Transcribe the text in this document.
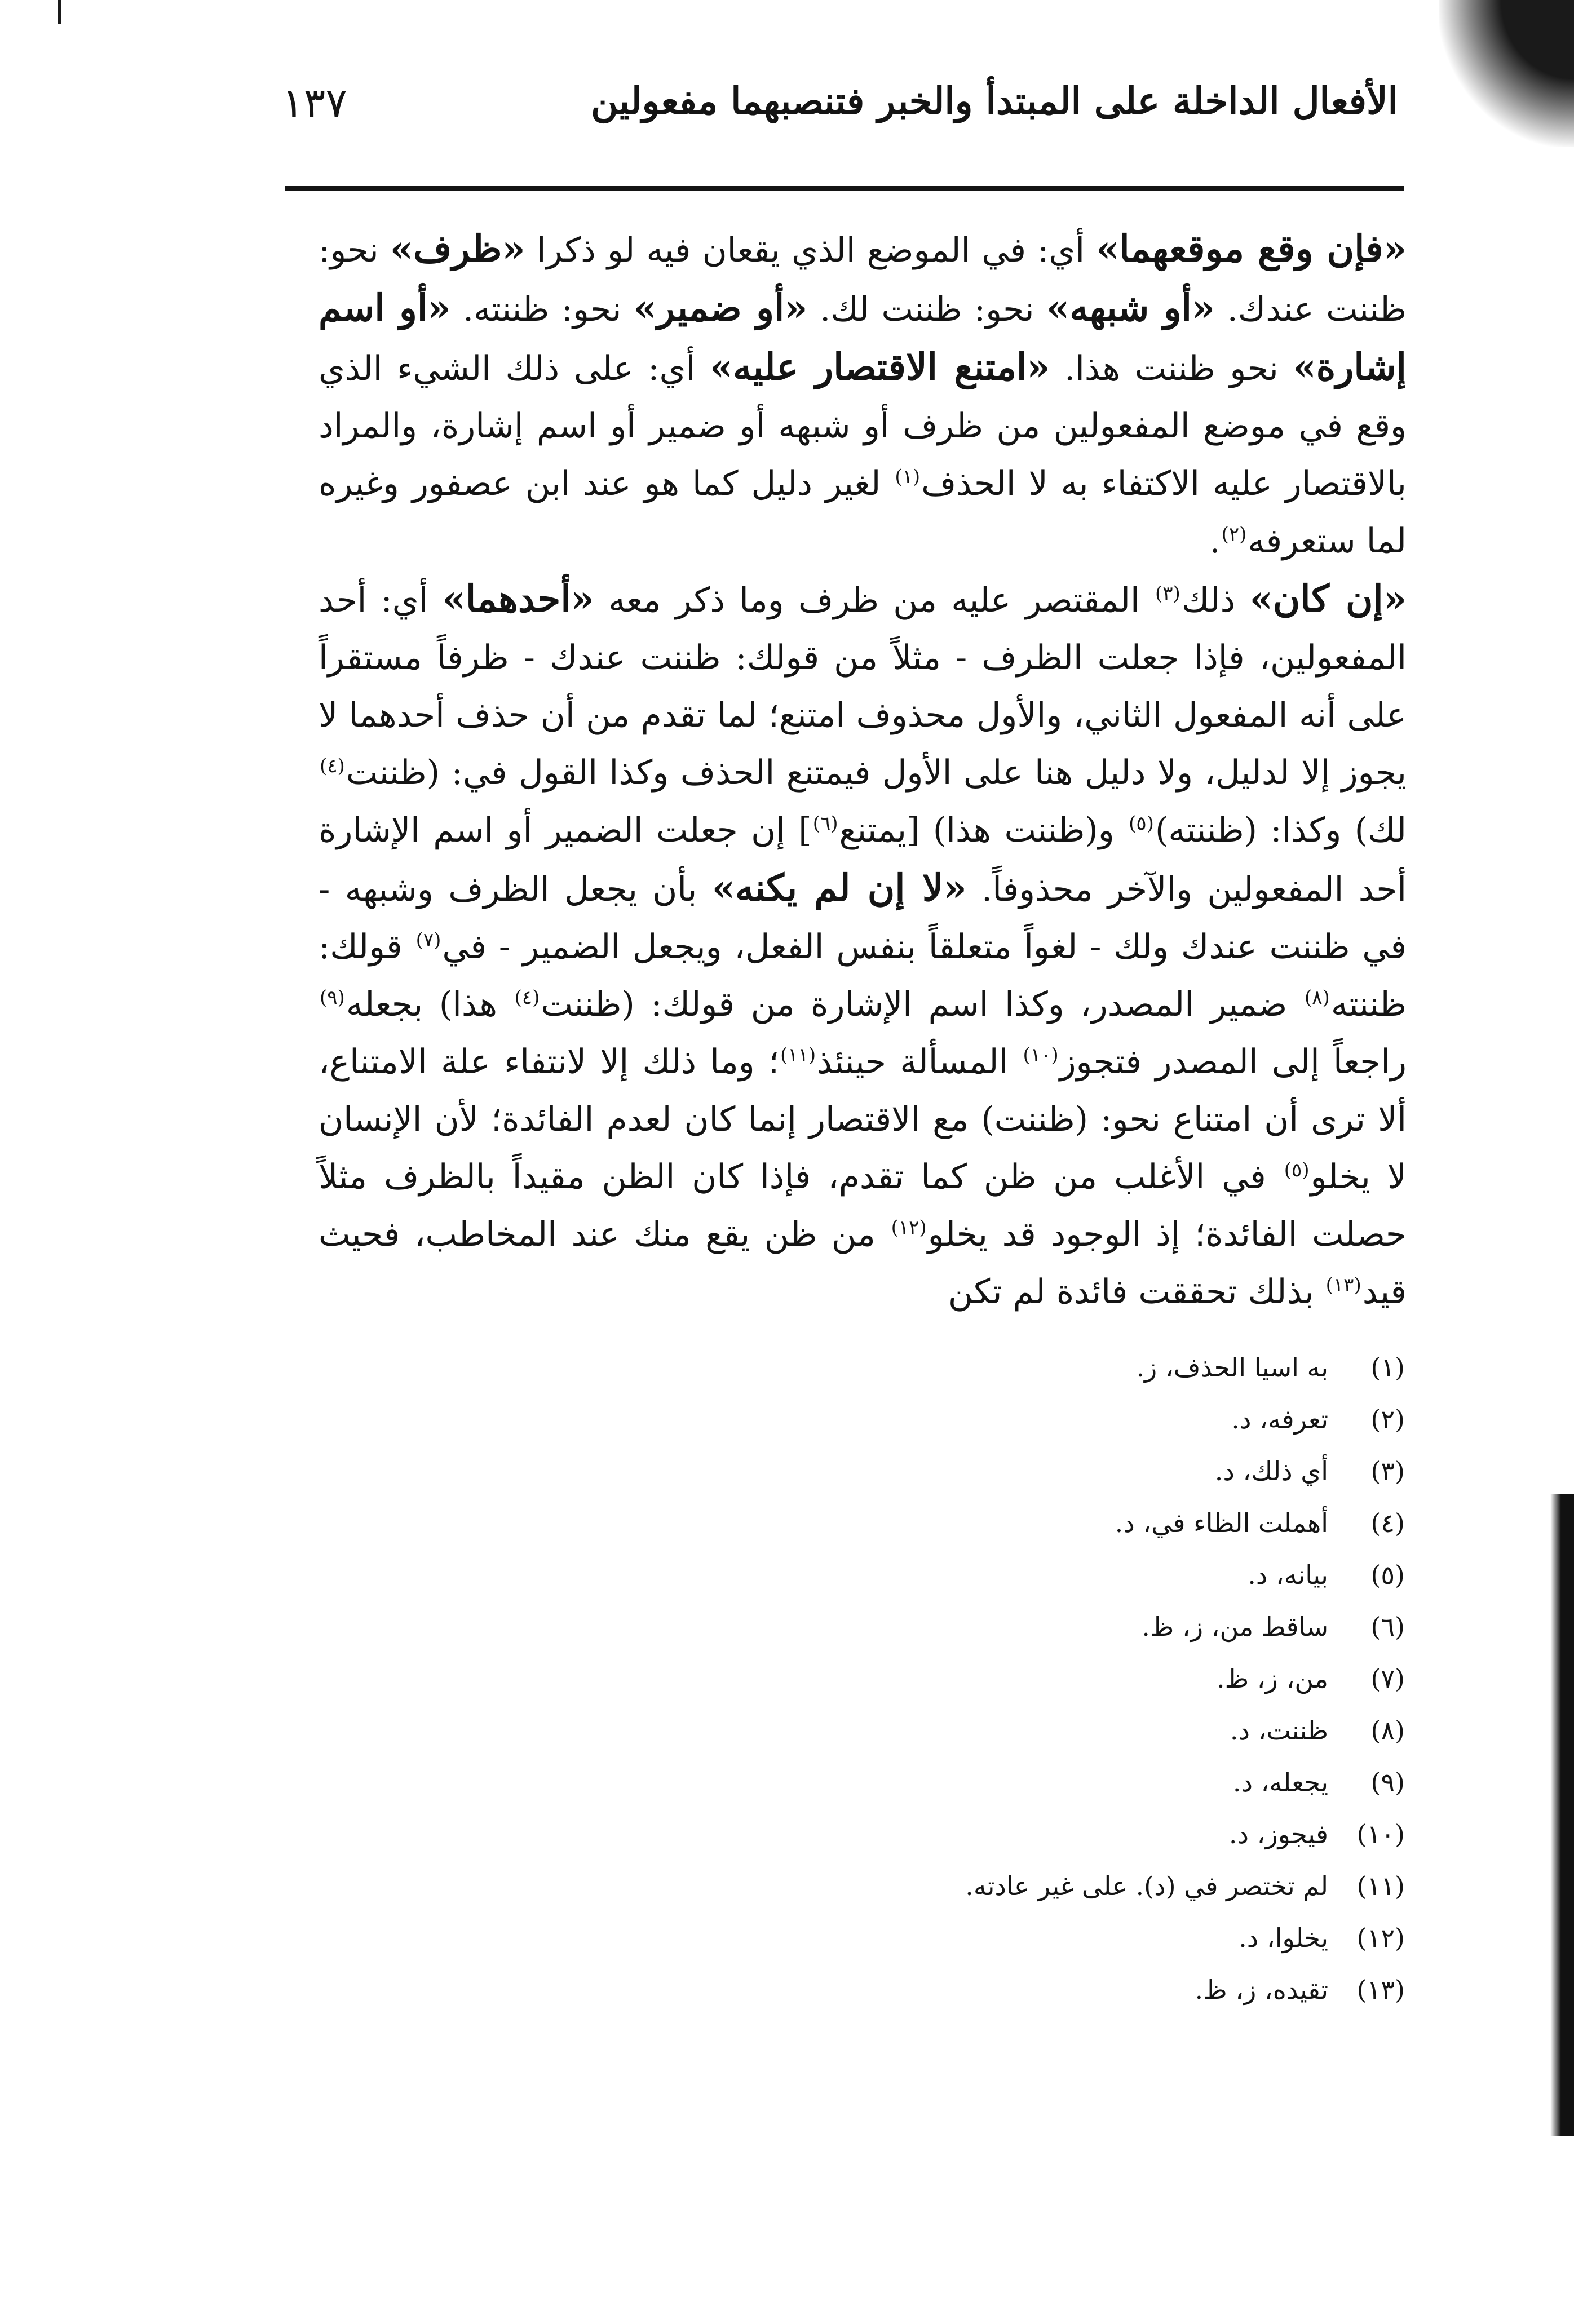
١٣٧	الأفعال الداخلة على المبتدأ والخبر فتنصبهما مفعولين

«فإن وقع موقعهما» أي: في الموضع الذي يقعان فيه لو ذكرا «ظرف» نحو: ظننت عندك. «أو شبهه» نحو: ظننت لك. «أو ضمير» نحو: ظننته. «أو اسم إشارة» نحو ظننت هذا. «امتنع الاقتصار عليه» أي: على ذلك الشيء الذي وقع في موضع المفعولين من ظرف أو شبهه أو ضمير أو اسم إشارة، والمراد بالاقتصار عليه الاكتفاء به لا الحذف$^{(١)}$ لغير دليل كما هو عند ابن عصفور وغيره لما ستعرفه$^{(٢)}$.

«إن كان» ذلك$^{(٣)}$ المقتصر عليه من ظرف وما ذكر معه «أحدهما» أي: أحد المفعولين، فإذا جعلت الظرف - مثلاً من قولك: ظننت عندك - ظرفاً مستقراً على أنه المفعول الثاني، والأول محذوف امتنع؛ لما تقدم من أن حذف أحدهما لا يجوز إلا لدليل، ولا دليل هنا على الأول فيمتنع الحذف وكذا القول في: (ظننت$^{(٤)}$ لك) وكذا: (ظننته)$^{(٥)}$ و(ظننت هذا) [يمتنع$^{(٦)}$] إن جعلت الضمير أو اسم الإشارة أحد المفعولين والآخر محذوفاً. «لا إن لم يكنه» بأن يجعل الظرف وشبهه - في ظننت عندك ولك - لغواً متعلقاً بنفس الفعل، ويجعل الضمير - في$^{(٧)}$ قولك: ظننته$^{(٨)}$ ضمير المصدر، وكذا اسم الإشارة من قولك: (ظننت$^{(٤)}$ هذا) بجعله$^{(٩)}$ راجعاً إلى المصدر فتجوز$^{(١٠)}$ المسألة حينئذ$^{(١١)}$؛ وما ذلك إلا لانتفاء علة الامتناع، ألا ترى أن امتناع نحو: (ظننت) مع الاقتصار إنما كان لعدم الفائدة؛ لأن الإنسان لا يخلو$^{(٥)}$ في الأغلب من ظن كما تقدم، فإذا كان الظن مقيداً بالظرف مثلاً حصلت الفائدة؛ إذ الوجود قد يخلو$^{(١٢)}$ من ظن يقع منك عند المخاطب، فحيث قيد$^{(١٣)}$ بذلك تحققت فائدة لم تكن

(١)
به اسيا الحذف، ز.
(٢)
تعرفه، د.
(٣)
أي ذلك، د.
(٤)
أهملت الظاء في، د.
(٥)
بيانه، د.
(٦)
ساقط من، ز، ظ.
(٧)
من، ز، ظ.
(٨)
ظننت، د.
(٩)
يجعله، د.
(١٠)
فيجوز، د.
(١١)
لم تختصر في (د). على غير عادته.
(١٢)
يخلوا، د.
(١٣)
تقيده، ز، ظ.
